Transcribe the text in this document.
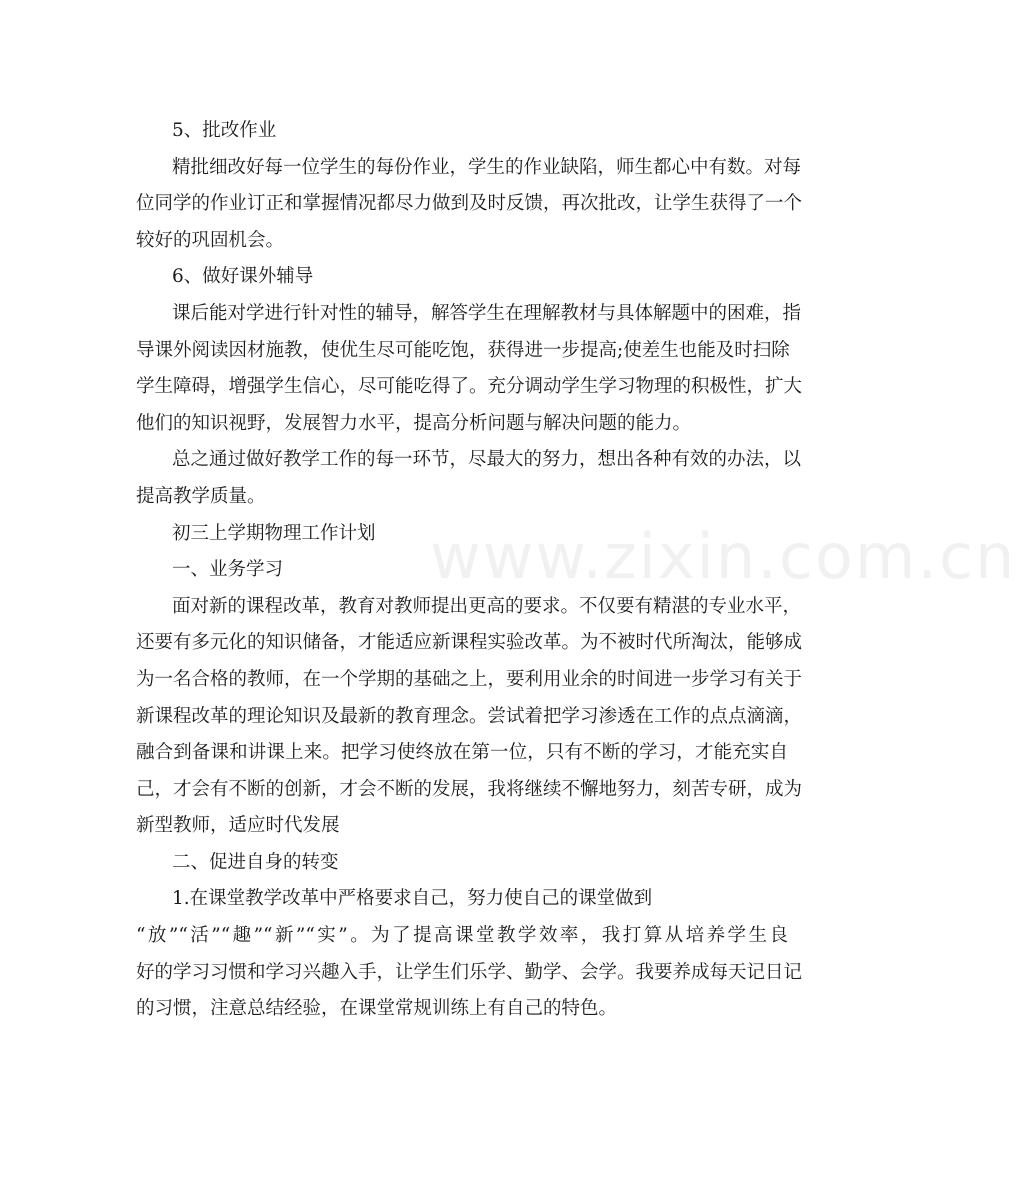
www.zixin.com.cn
5、批改作业
精批细改好每一位学生的每份作业，学生的作业缺陷，师生都心中有数。对每
位同学的作业订正和掌握情况都尽力做到及时反馈，再次批改，让学生获得了一个
较好的巩固机会。
6、做好课外辅导
课后能对学进行针对性的辅导，解答学生在理解教材与具体解题中的困难，指
导课外阅读因材施教，使优生尽可能吃饱，获得进一步提高;使差生也能及时扫除
学生障碍，增强学生信心，尽可能吃得了。充分调动学生学习物理的积极性，扩大
他们的知识视野，发展智力水平，提高分析问题与解决问题的能力。
总之通过做好教学工作的每一环节，尽最大的努力，想出各种有效的办法，以
提高教学质量。
初三上学期物理工作计划
一、业务学习
面对新的课程改革，教育对教师提出更高的要求。不仅要有精湛的专业水平，
还要有多元化的知识储备，才能适应新课程实验改革。为不被时代所淘汰，能够成
为一名合格的教师，在一个学期的基础之上，要利用业余的时间进一步学习有关于
新课程改革的理论知识及最新的教育理念。尝试着把学习渗透在工作的点点滴滴，
融合到备课和讲课上来。把学习使终放在第一位，只有不断的学习，才能充实自
己，才会有不断的创新，才会不断的发展，我将继续不懈地努力，刻苦专研，成为
新型教师，适应时代发展
二、促进自身的转变
1.在课堂教学改革中严格要求自己，努力使自己的课堂做到
“放”“活”“趣”“新”“实”。为了提高课堂教学效率，我打算从培养学生良
好的学习习惯和学习兴趣入手，让学生们乐学、勤学、会学。我要养成每天记日记
的习惯，注意总结经验，在课堂常规训练上有自己的特色。
